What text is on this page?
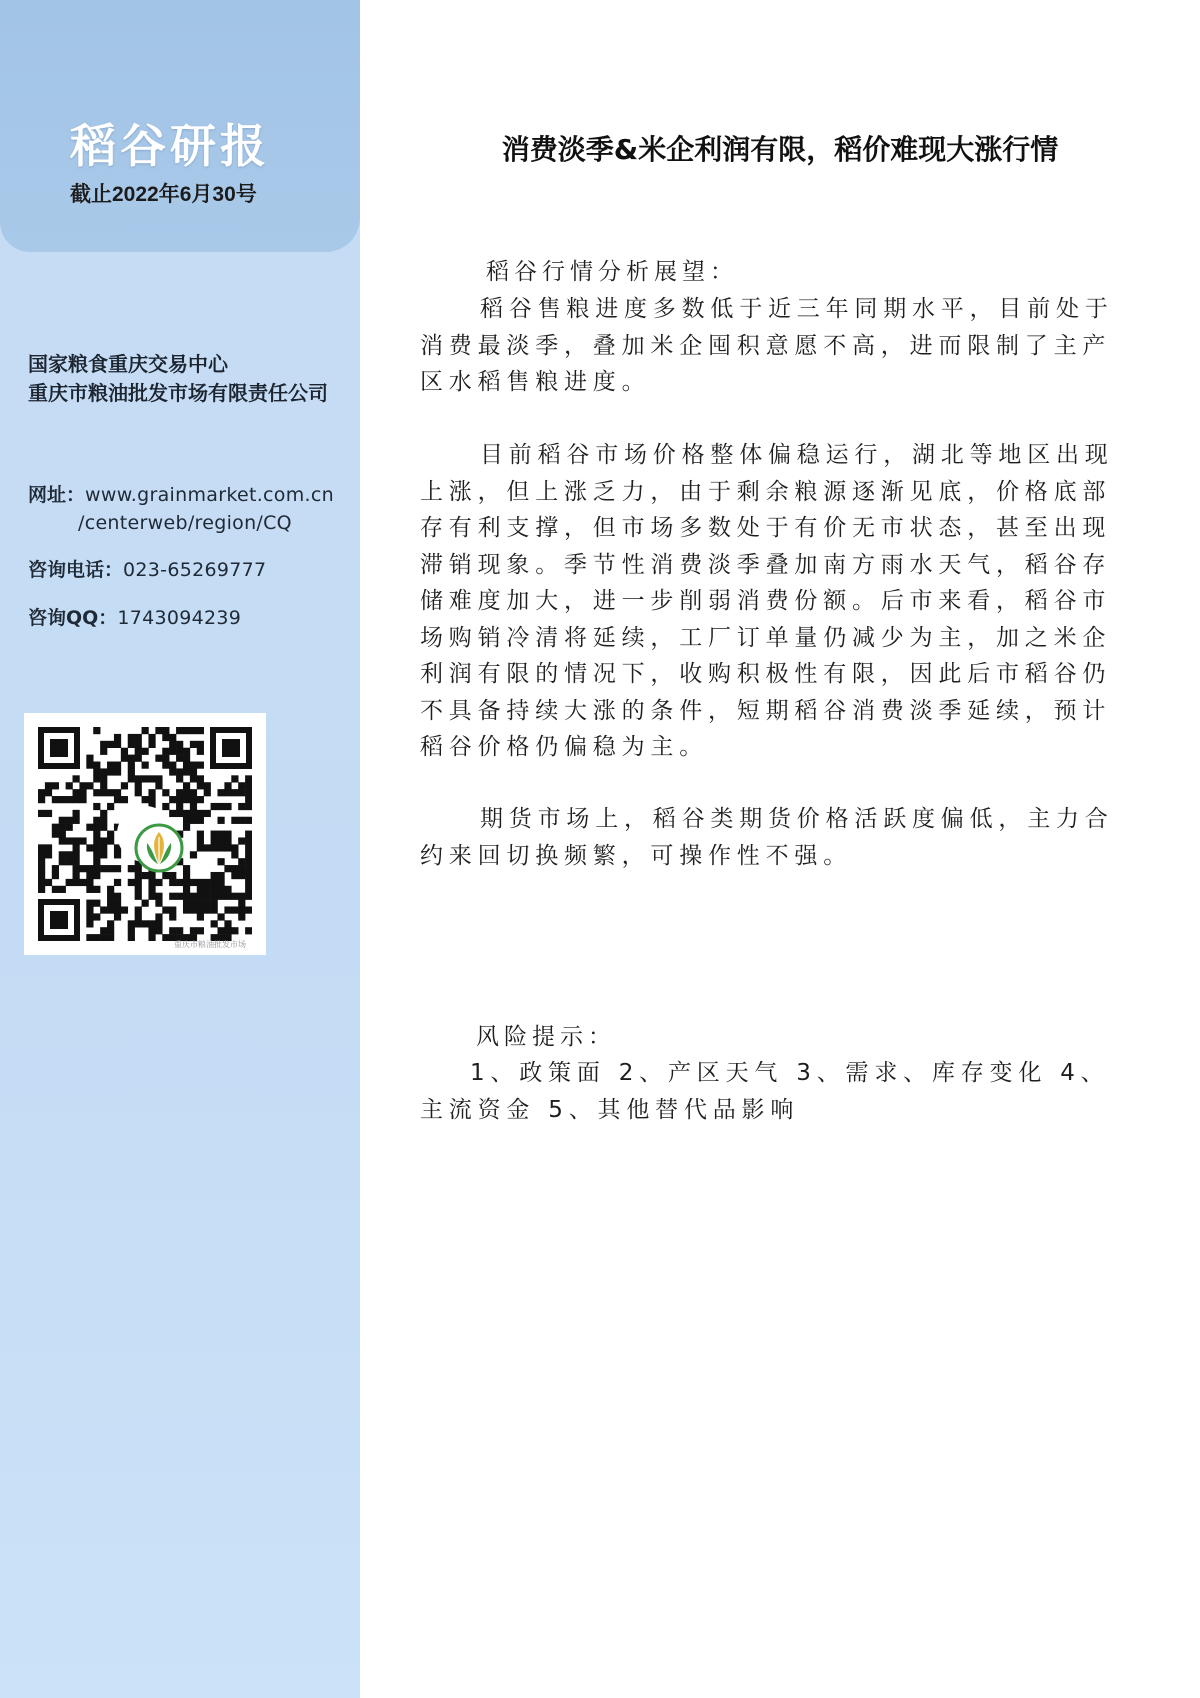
稻谷研报
截止2022年6月30号
国家粮食重庆交易中心
重庆市粮油批发市场有限责任公司
网址：www.grainmarket.com.cn
/centerweb/region/CQ
咨询电话：023-65269777
咨询QQ：1743094239
重庆市粮油批发市场
消费淡季&米企利润有限，稻价难现大涨行情

稻谷行情分析展望：

稻谷售粮进度多数低于近三年同期水平，目前处于消费最淡季，叠加米企囤积意愿不高，进而限制了主产区水稻售粮进度。

目前稻谷市场价格整体偏稳运行，湖北等地区出现上涨，但上涨乏力，由于剩余粮源逐渐见底，价格底部存有利支撑，但市场多数处于有价无市状态，甚至出现滞销现象。季节性消费淡季叠加南方雨水天气，稻谷存储难度加大，进一步削弱消费份额。后市来看，稻谷市场购销冷清将延续，工厂订单量仍减少为主，加之米企利润有限的情况下，收购积极性有限，因此后市稻谷仍不具备持续大涨的条件，短期稻谷消费淡季延续，预计稻谷价格仍偏稳为主。

期货市场上，稻谷类期货价格活跃度偏低，主力合约来回切换频繁，可操作性不强。

风险提示：

1、政策面 2、产区天气 3、需求、库存变化 4、主流资金 5、其他替代品影响
